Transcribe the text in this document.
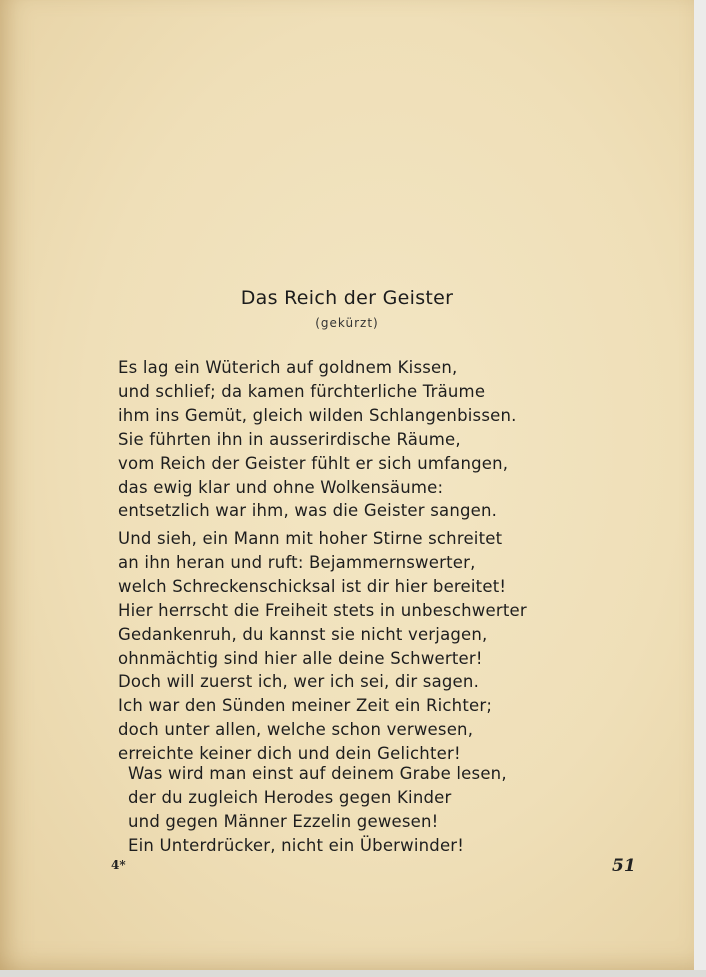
Das Reich der Geister
(gekürzt)
Es lag ein Wüterich auf goldnem Kissen,
und schlief; da kamen fürchterliche Träume
ihm ins Gemüt, gleich wilden Schlangenbissen.
Sie führten ihn in ausserirdische Räume,
vom Reich der Geister fühlt er sich umfangen,
das ewig klar und ohne Wolkensäume:
entsetzlich war ihm, was die Geister sangen.
Und sieh, ein Mann mit hoher Stirne schreitet
an ihn heran und ruft: Bejammernswerter,
welch Schreckenschicksal ist dir hier bereitet!
Hier herrscht die Freiheit stets in unbeschwerter
Gedankenruh, du kannst sie nicht verjagen,
ohnmächtig sind hier alle deine Schwerter!
Doch will zuerst ich, wer ich sei, dir sagen.
Ich war den Sünden meiner Zeit ein Richter;
doch unter allen, welche schon verwesen,
erreichte keiner dich und dein Gelichter!
Was wird man einst auf deinem Grabe lesen,
der du zugleich Herodes gegen Kinder
und gegen Männer Ezzelin gewesen!
Ein Unterdrücker, nicht ein Überwinder!
4*	51
